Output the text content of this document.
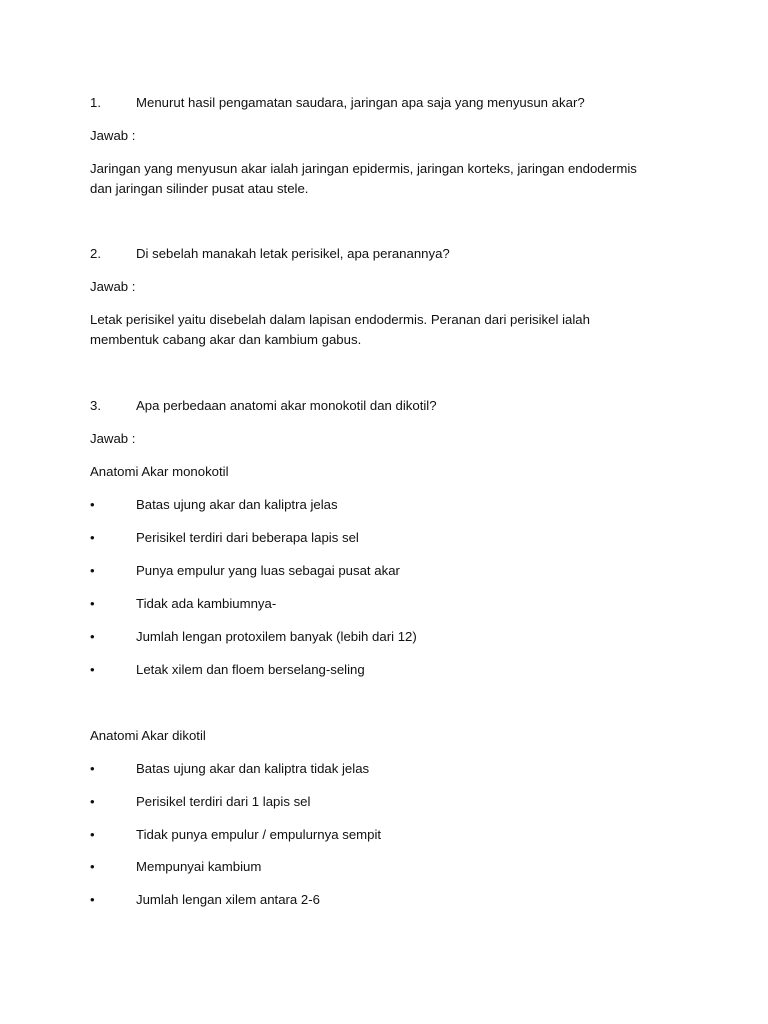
1.	Menurut hasil pengamatan saudara, jaringan apa saja yang menyusun akar?
Jawab :
Jaringan yang menyusun akar ialah jaringan epidermis, jaringan korteks, jaringan endodermis dan jaringan silinder pusat atau stele.
2.	Di sebelah manakah letak perisikel, apa peranannya?
Jawab :
Letak perisikel yaitu disebelah dalam lapisan endodermis. Peranan dari perisikel ialah membentuk cabang akar dan kambium gabus.
3.	Apa perbedaan anatomi akar monokotil dan dikotil?
Jawab :
Anatomi Akar monokotil
•	Batas ujung akar dan kaliptra jelas
•	Perisikel terdiri dari beberapa lapis sel
•	Punya empulur yang luas sebagai pusat akar
•	Tidak ada kambiumnya-
•	Jumlah lengan protoxilem banyak (lebih dari 12)
•	Letak xilem dan floem berselang-seling
Anatomi Akar dikotil
•	Batas ujung akar dan kaliptra tidak jelas
•	Perisikel terdiri dari 1 lapis sel
•	Tidak punya empulur / empulurnya sempit
•	Mempunyai kambium
•	Jumlah lengan xilem antara 2-6
